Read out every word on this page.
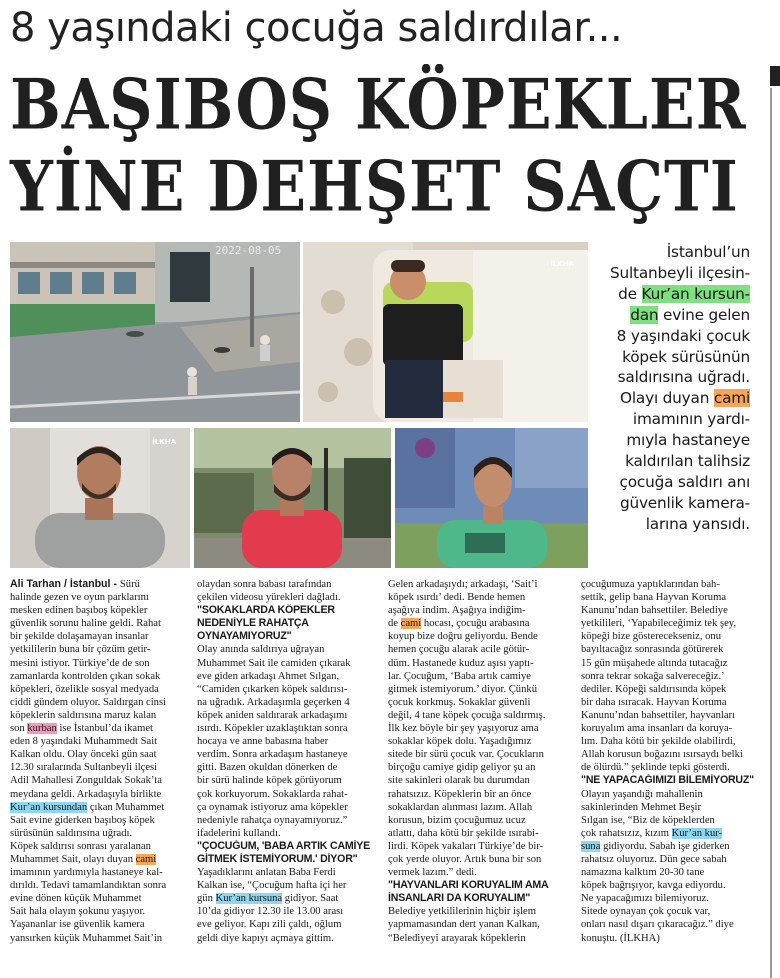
8 yaşındaki çocuğa saldırdılar...
BAŞIBOŞ KÖPEKLER
YİNE DEHŞET SAÇTI
2022-08-05
İLKHA
İLKHA

İstanbul’un

Sultanbeyli ilçesin-

de Kur’an kursun-

dan evine gelen

8 yaşındaki çocuk

köpek sürüsünün

saldırısına uğradı.

Olayı duyan cami

imamının yardı-

mıyla hastaneye

kaldırılan talihsiz

çocuğa saldırı anı

güvenlik kamera-

larına yansıdı.

Ali Tarhan / İstanbul - Sürü

halinde gezen ve oyun parklarını

mesken edinen başıboş köpekler

güvenlik sorunu haline geldi. Rahat

bir şekilde dolaşamayan insanlar

yetkililerin buna bir çözüm getir-

mesini istiyor. Türkiye’de de son

zamanlarda kontrolden çıkan sokak

köpekleri, özelikle sosyal medyada

ciddi gündem oluyor. Saldırgan cinsi

köpeklerin saldırısına maruz kalan

son kurban ise İstanbul’da ikamet

eden 8 yaşındaki Muhammedt Sait

Kalkan oldu. Olay önceki gün saat

12.30 sıralarında Sultanbeyli ilçesi

Adil Mahallesi Zonguldak Sokak’ta

meydana geldi. Arkadaşıyla birlikte

Kur’an kursundan çıkan Muhammet

Sait evine giderken başıboş köpek

sürüsünün saldırısına uğradı.

Köpek saldırısı sonrası yaralanan

Muhammet Sait, olayı duyan cami

imamının yardımıyla hastaneye kal-

dırıldı. Tedavi tamamlandıktan sonra

evine dönen küçük Muhammet

Sait hala olayın şokunu yaşıyor.

Yaşananlar ise güvenlik kamera

yansırken küçük Muhammet Sait’in

olaydan sonra babası tarafından

çekilen videosu yürekleri dağladı.

"SOKAKLARDA KÖPEKLER

NEDENİYLE RAHATÇA

OYNAYAMIYORUZ"

Olay anında saldırıya uğrayan

Muhammet Sait ile camiden çıkarak

eve giden arkadaşı Ahmet Sılgan,

“Camiden çıkarken köpek saldırısı-

na uğradık. Arkadaşımla geçerken 4

köpek aniden saldırarak arkadaşımı

ısırdı. Köpekler uzaklaştıktan sonra

hocaya ve anne babasına haber

verdim. Sonra arkadaşım hastaneye

gitti. Bazen okuldan dönerken de

bir sürü halinde köpek görüyorum

çok korkuyorum. Sokaklarda rahat-

ça oynamak istiyoruz ama köpekler

nedeniyle rahatça oynayamıyoruz.”

ifadelerini kullandı.

"ÇOCUĞUM, 'BABA ARTIK CAMİYE

GİTMEK İSTEMİYORUM.' DİYOR"

Yaşadıklarını anlatan Baba Ferdi

Kalkan ise, “Çocuğum hafta içi her

gün Kur’an kursuna gidiyor. Saat

10’da gidiyor 12.30 ile 13.00 arası

eve geliyor. Kapı zili çaldı, oğlum

geldi diye kapıyı açmaya gittim.

Gelen arkadaşıydı; arkadaşı, ‘Sait’i

köpek ısırdı’ dedi. Bende hemen

aşağıya indim. Aşağıya indiğim-

de cami hocası, çocuğu arabasına

koyup bize doğru geliyordu. Bende

hemen çocuğu alarak acile götür-

düm. Hastanede kuduz aşısı yaptı-

lar. Çocuğum, ‘Baba artık camiye

gitmek istemiyorum.’ diyor. Çünkü

çocuk korkmuş. Sokaklar güvenli

değil, 4 tane köpek çocuğa saldırmış.

İlk kez böyle bir şey yaşıyoruz ama

sokaklar köpek dolu. Yaşadığımız

sitede bir sürü çocuk var. Çocukların

birçoğu camiye gidip geliyor şu an

site sakinleri olarak bu durumdan

rahatsızız. Köpeklerin bir an önce

sokaklardan alınması lazım. Allah

korusun, bizim çocuğumuz ucuz

atlattı, daha kötü bir şekilde ısırabi-

lirdi. Köpek vakaları Türkiye’de bir-

çok yerde oluyor. Artık buna bir son

vermek lazım.” dedi.

"HAYVANLARI KORUYALIM AMA

İNSANLARI DA KORUYALIM"

Belediye yetkililerinin hiçbir işlem

yapmamasından dert yanan Kalkan,

“Belediyeyi arayarak köpeklerin

çocuğumuza yaptıklarından bah-

settik, gelip bana Hayvan Koruma

Kanunu’ndan bahsettiler. Belediye

yetkilileri, ‘Yapabileceğimiz tek şey,

köpeği bize gösterecekseniz, onu

bayıltacağız sonrasında götürerek

15 gün müşahede altında tutacağız

sonra tekrar sokağa salvereceğiz.’

dediler. Köpeği saldırısında köpek

bir daha ısıracak. Hayvan Koruma

Kanunu’ndan bahsettiler, hayvanları

koruyalım ama insanları da koruya-

lım. Daha kötü bir şekilde olabilirdi,

Allah korusun boğazını ısırsaydı belki

de ölürdü.” şeklinde tepki gösterdi.

"NE YAPACAĞIMIZI BİLEMİYORUZ"

Olayın yaşandığı mahallenin

sakinlerinden Mehmet Beşir

Sılgan ise, “Biz de köpeklerden

çok rahatsızız, kızım Kur’an kur-

suna gidiyordu. Sabah işe giderken

rahatsız oluyoruz. Dün gece sabah

namazına kalktım 20-30 tane

köpek bağrışıyor, kavga ediyordu.

Ne yapacağımızı bilemiyoruz.

Sitede oynayan çok çocuk var,

onları nasıl dışarı çıkaracağız.” diye

konuştu. (İLKHA)
